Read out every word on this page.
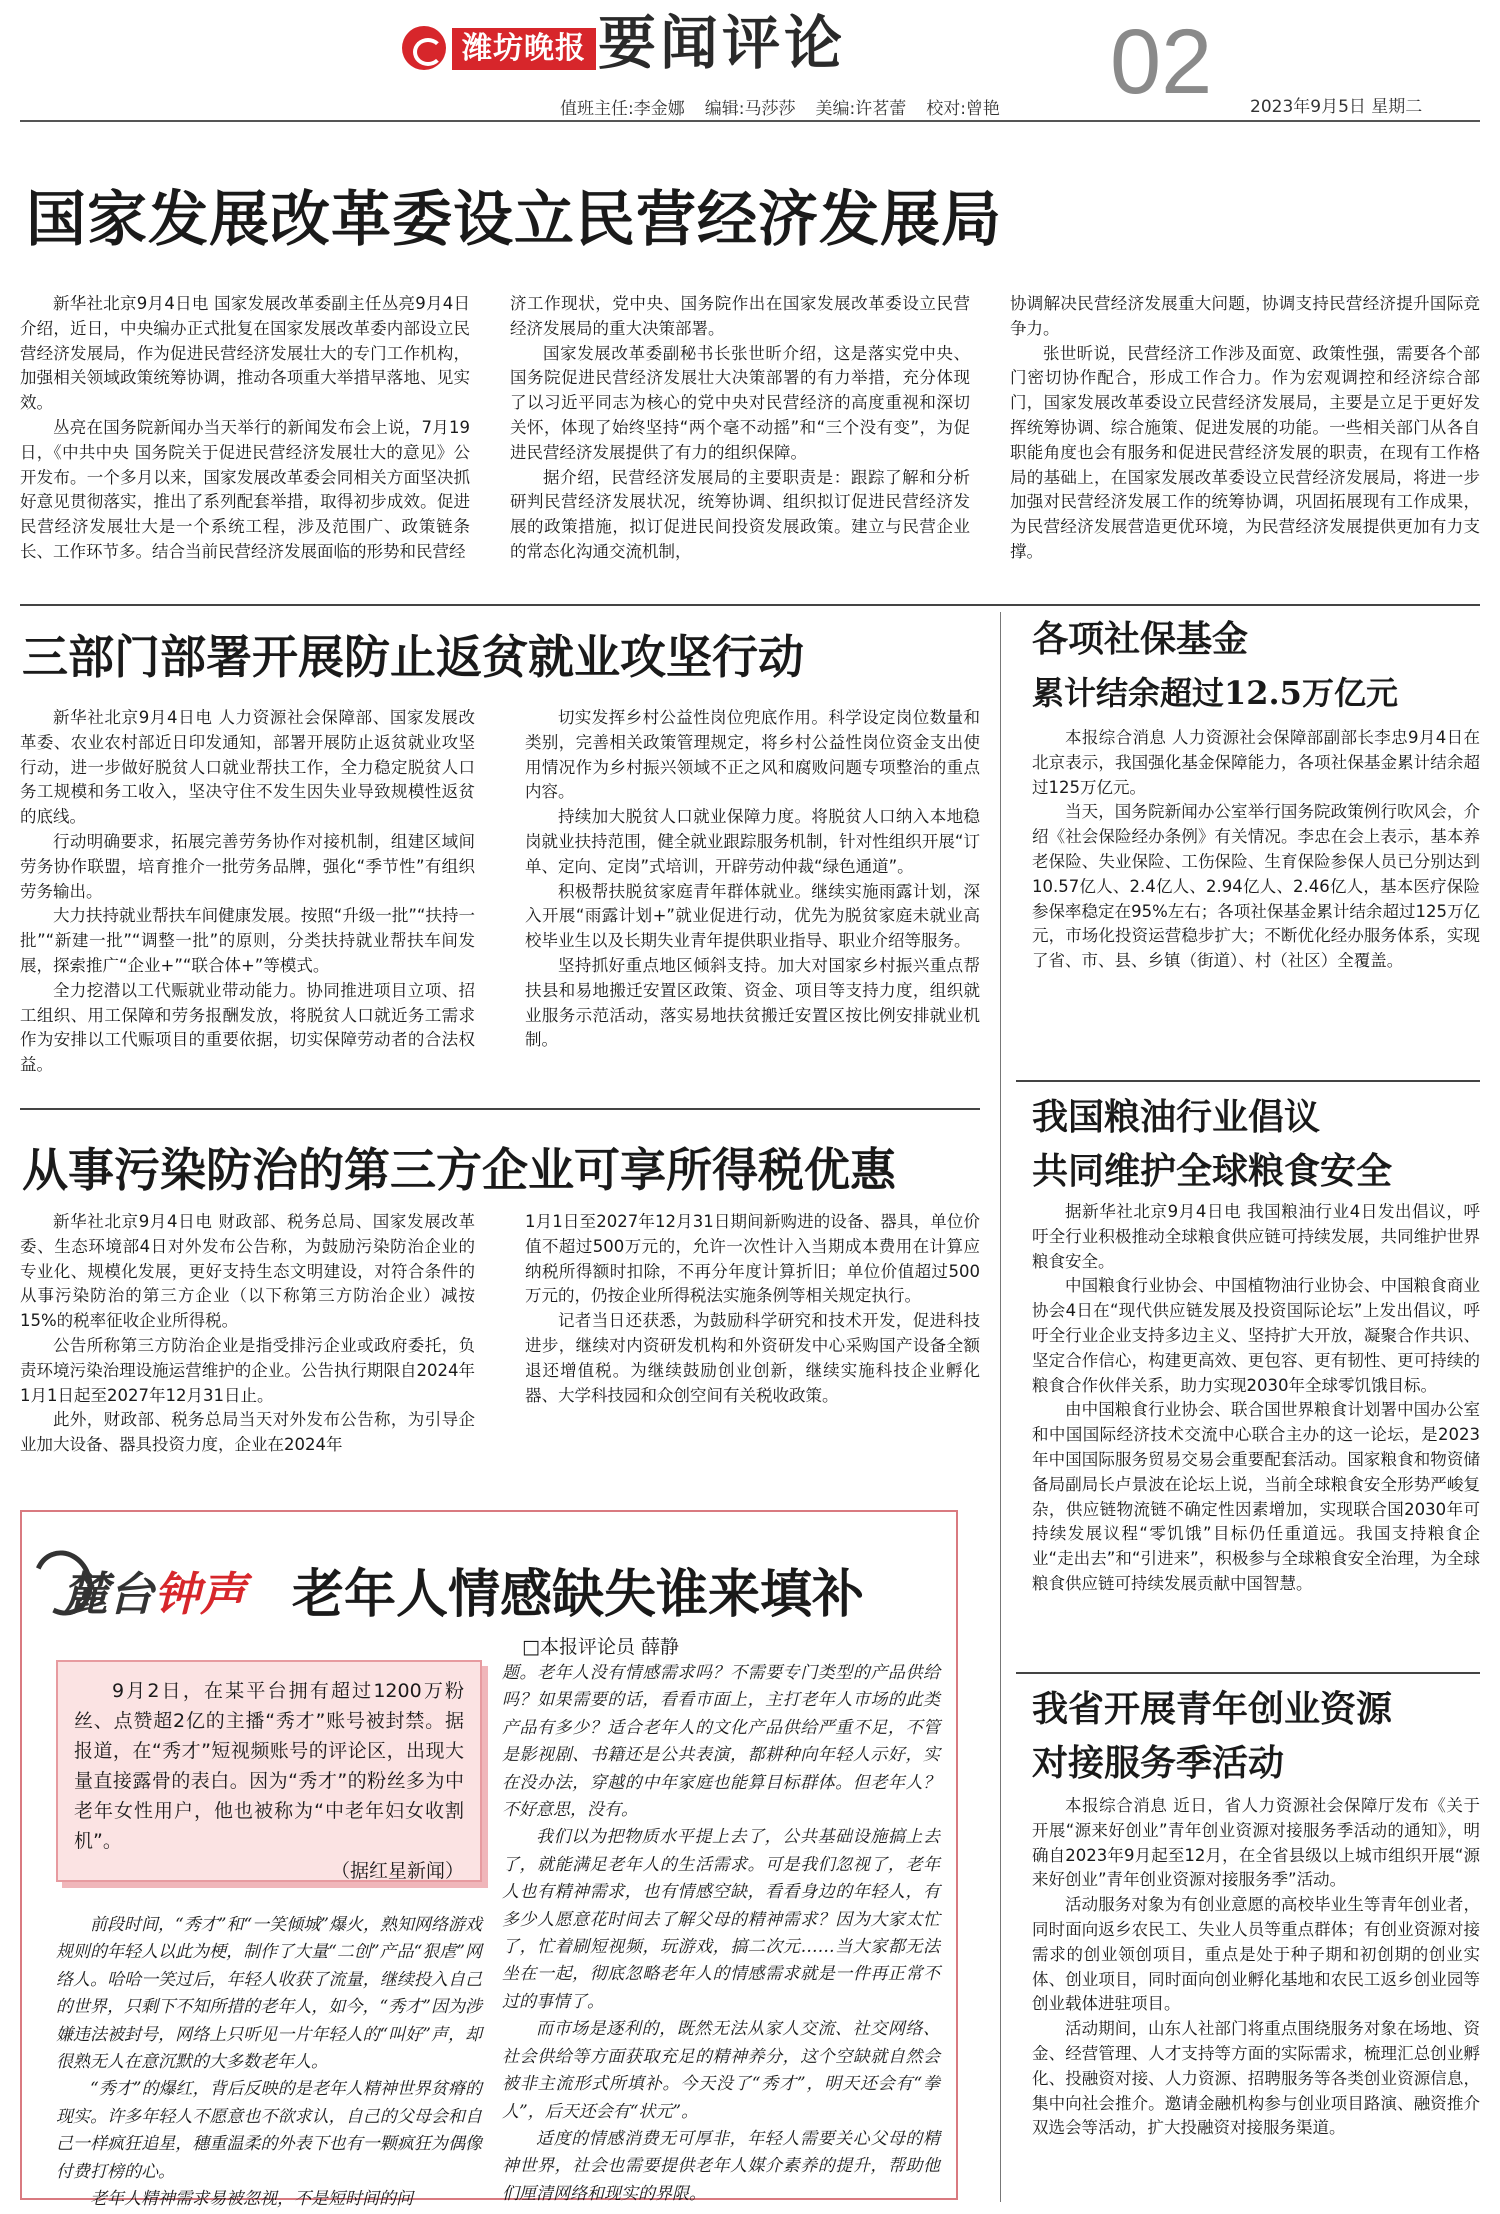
潍坊晚报 要闻评论	02
值班主任:李金娜 编辑:马莎莎 美编:许茗蕾 校对:曾艳	2023年9月5日 星期二
国家发展改革委设立民营经济发展局

新华社北京9月4日电 国家发展改革委副主任丛亮9月4日介绍，近日，中央编办正式批复在国家发展改革委内部设立民营经济发展局，作为促进民营经济发展壮大的专门工作机构，加强相关领域政策统筹协调，推动各项重大举措早落地、见实效。

丛亮在国务院新闻办当天举行的新闻发布会上说，7月19日，《中共中央 国务院关于促进民营经济发展壮大的意见》公开发布。一个多月以来，国家发展改革委会同相关方面坚决抓好意见贯彻落实，推出了系列配套举措，取得初步成效。促进民营经济发展壮大是一个系统工程，涉及范围广、政策链条长、工作环节多。结合当前民营经济发展面临的形势和民营经

济工作现状，党中央、国务院作出在国家发展改革委设立民营经济发展局的重大决策部署。

国家发展改革委副秘书长张世昕介绍，这是落实党中央、国务院促进民营经济发展壮大决策部署的有力举措，充分体现了以习近平同志为核心的党中央对民营经济的高度重视和深切关怀，体现了始终坚持“两个毫不动摇”和“三个没有变”，为促进民营经济发展提供了有力的组织保障。

据介绍，民营经济发展局的主要职责是：跟踪了解和分析研判民营经济发展状况，统筹协调、组织拟订促进民营经济发展的政策措施，拟订促进民间投资发展政策。建立与民营企业的常态化沟通交流机制，

协调解决民营经济发展重大问题，协调支持民营经济提升国际竞争力。

张世昕说，民营经济工作涉及面宽、政策性强，需要各个部门密切协作配合，形成工作合力。作为宏观调控和经济综合部门，国家发展改革委设立民营经济发展局，主要是立足于更好发挥统筹协调、综合施策、促进发展的功能。一些相关部门从各自职能角度也会有服务和促进民营经济发展的职责，在现有工作格局的基础上，在国家发展改革委设立民营经济发展局，将进一步加强对民营经济发展工作的统筹协调，巩固拓展现有工作成果，为民营经济发展营造更优环境，为民营经济发展提供更加有力支撑。

三部门部署开展防止返贫就业攻坚行动

新华社北京9月4日电 人力资源社会保障部、国家发展改革委、农业农村部近日印发通知，部署开展防止返贫就业攻坚行动，进一步做好脱贫人口就业帮扶工作，全力稳定脱贫人口务工规模和务工收入，坚决守住不发生因失业导致规模性返贫的底线。

行动明确要求，拓展完善劳务协作对接机制，组建区域间劳务协作联盟，培育推介一批劳务品牌，强化“季节性”有组织劳务输出。

大力扶持就业帮扶车间健康发展。按照“升级一批”“扶持一批”“新建一批”“调整一批”的原则，分类扶持就业帮扶车间发展，探索推广“企业+”“联合体+”等模式。

全力挖潜以工代赈就业带动能力。协同推进项目立项、招工组织、用工保障和劳务报酬发放，将脱贫人口就近务工需求作为安排以工代赈项目的重要依据，切实保障劳动者的合法权益。

切实发挥乡村公益性岗位兜底作用。科学设定岗位数量和类别，完善相关政策管理规定，将乡村公益性岗位资金支出使用情况作为乡村振兴领域不正之风和腐败问题专项整治的重点内容。

持续加大脱贫人口就业保障力度。将脱贫人口纳入本地稳岗就业扶持范围，健全就业跟踪服务机制，针对性组织开展“订单、定向、定岗”式培训，开辟劳动仲裁“绿色通道”。

积极帮扶脱贫家庭青年群体就业。继续实施雨露计划，深入开展“雨露计划+”就业促进行动，优先为脱贫家庭未就业高校毕业生以及长期失业青年提供职业指导、职业介绍等服务。

坚持抓好重点地区倾斜支持。加大对国家乡村振兴重点帮扶县和易地搬迁安置区政策、资金、项目等支持力度，组织就业服务示范活动，落实易地扶贫搬迁安置区按比例安排就业机制。

从事污染防治的第三方企业可享所得税优惠

新华社北京9月4日电 财政部、税务总局、国家发展改革委、生态环境部4日对外发布公告称，为鼓励污染防治企业的专业化、规模化发展，更好支持生态文明建设，对符合条件的从事污染防治的第三方企业（以下称第三方防治企业）减按15%的税率征收企业所得税。

公告所称第三方防治企业是指受排污企业或政府委托，负责环境污染治理设施运营维护的企业。公告执行期限自2024年1月1日起至2027年12月31日止。

此外，财政部、税务总局当天对外发布公告称，为引导企业加大设备、器具投资力度，企业在2024年

1月1日至2027年12月31日期间新购进的设备、器具，单位价值不超过500万元的，允许一次性计入当期成本费用在计算应纳税所得额时扣除，不再分年度计算折旧；单位价值超过500万元的，仍按企业所得税法实施条例等相关规定执行。

记者当日还获悉，为鼓励科学研究和技术开发，促进科技进步，继续对内资研发机构和外资研发中心采购国产设备全额退还增值税。为继续鼓励创业创新，继续实施科技企业孵化器、大学科技园和众创空间有关税收政策。

各项社保基金
累计结余超过12.5万亿元

本报综合消息 人力资源社会保障部副部长李忠9月4日在北京表示，我国强化基金保障能力，各项社保基金累计结余超过125万亿元。

当天，国务院新闻办公室举行国务院政策例行吹风会，介绍《社会保险经办条例》有关情况。李忠在会上表示，基本养老保险、失业保险、工伤保险、生育保险参保人员已分别达到10.57亿人、2.4亿人、2.94亿人、2.46亿人，基本医疗保险参保率稳定在95%左右；各项社保基金累计结余超过125万亿元，市场化投资运营稳步扩大；不断优化经办服务体系，实现了省、市、县、乡镇（街道）、村（社区）全覆盖。

我国粮油行业倡议
共同维护全球粮食安全

据新华社北京9月4日电 我国粮油行业4日发出倡议，呼吁全行业积极推动全球粮食供应链可持续发展，共同维护世界粮食安全。

中国粮食行业协会、中国植物油行业协会、中国粮食商业协会4日在“现代供应链发展及投资国际论坛”上发出倡议，呼吁全行业企业支持多边主义、坚持扩大开放，凝聚合作共识、坚定合作信心，构建更高效、更包容、更有韧性、更可持续的粮食合作伙伴关系，助力实现2030年全球零饥饿目标。

由中国粮食行业协会、联合国世界粮食计划署中国办公室和中国国际经济技术交流中心联合主办的这一论坛，是2023年中国国际服务贸易交易会重要配套活动。国家粮食和物资储备局副局长卢景波在论坛上说，当前全球粮食安全形势严峻复杂，供应链物流链不确定性因素增加，实现联合国2030年可持续发展议程“零饥饿”目标仍任重道远。我国支持粮食企业“走出去”和“引进来”，积极参与全球粮食安全治理，为全球粮食供应链可持续发展贡献中国智慧。

我省开展青年创业资源
对接服务季活动

本报综合消息 近日，省人力资源社会保障厅发布《关于开展“源来好创业”青年创业资源对接服务季活动的通知》，明确自2023年9月起至12月，在全省县级以上城市组织开展“源来好创业”青年创业资源对接服务季”活动。

活动服务对象为有创业意愿的高校毕业生等青年创业者，同时面向返乡农民工、失业人员等重点群体；有创业资源对接需求的创业领创项目，重点是处于种子期和初创期的创业实体、创业项目，同时面向创业孵化基地和农民工返乡创业园等创业载体进驻项目。

活动期间，山东人社部门将重点围绕服务对象在场地、资金、经营管理、人才支持等方面的实际需求，梳理汇总创业孵化、投融资对接、人力资源、招聘服务等各类创业资源信息，集中向社会推介。邀请金融机构参与创业项目路演、融资推介双选会等活动，扩大投融资对接服务渠道。

麓台钟声 老年人情感缺失谁来填补
□本报评论员 薛静

9月2日，在某平台拥有超过1200万粉丝、点赞超2亿的主播“秀才”账号被封禁。据报道，在“秀才”短视频账号的评论区，出现大量直接露骨的表白。因为“秀才”的粉丝多为中老年女性用户，他也被称为“中老年妇女收割机”。

（据红星新闻）

前段时间，“秀才”和“一笑倾城”爆火，熟知网络游戏规则的年轻人以此为梗，制作了大量“二创”产品“狠虐”网络人。哈哈一笑过后，年轻人收获了流量，继续投入自己的世界，只剩下不知所措的老年人，如今，“秀才”因为涉嫌违法被封号，网络上只听见一片年轻人的“叫好”声，却很熟无人在意沉默的大多数老年人。

“秀才”的爆红，背后反映的是老年人精神世界贫瘠的现实。许多年轻人不愿意也不欲求认，自己的父母会和自己一样疯狂追星，穗重温柔的外表下也有一颗疯狂为偶像付费打榜的心。

老年人精神需求易被忽视，不是短时间的问

题。老年人没有情感需求吗？不需要专门类型的产品供给吗？如果需要的话，看看市面上，主打老年人市场的此类产品有多少？适合老年人的文化产品供给严重不足，不管是影视剧、书籍还是公共表演，都耕种向年轻人示好，实在没办法，穿越的中年家庭也能算目标群体。但老年人？不好意思，没有。

我们以为把物质水平提上去了，公共基础设施搞上去了，就能满足老年人的生活需求。可是我们忽视了，老年人也有精神需求，也有情感空缺，看看身边的年轻人，有多少人愿意花时间去了解父母的精神需求？因为大家太忙了，忙着刷短视频，玩游戏，搞二次元……当大家都无法坐在一起，彻底忽略老年人的情感需求就是一件再正常不过的事情了。

而市场是逐利的，既然无法从家人交流、社交网络、社会供给等方面获取充足的精神养分，这个空缺就自然会被非主流形式所填补。今天没了“秀才”，明天还会有“拳人”，后天还会有“状元”。

适度的情感消费无可厚非，年轻人需要关心父母的精神世界，社会也需要提供老年人媒介素养的提升，帮助他们厘清网络和现实的界限。
